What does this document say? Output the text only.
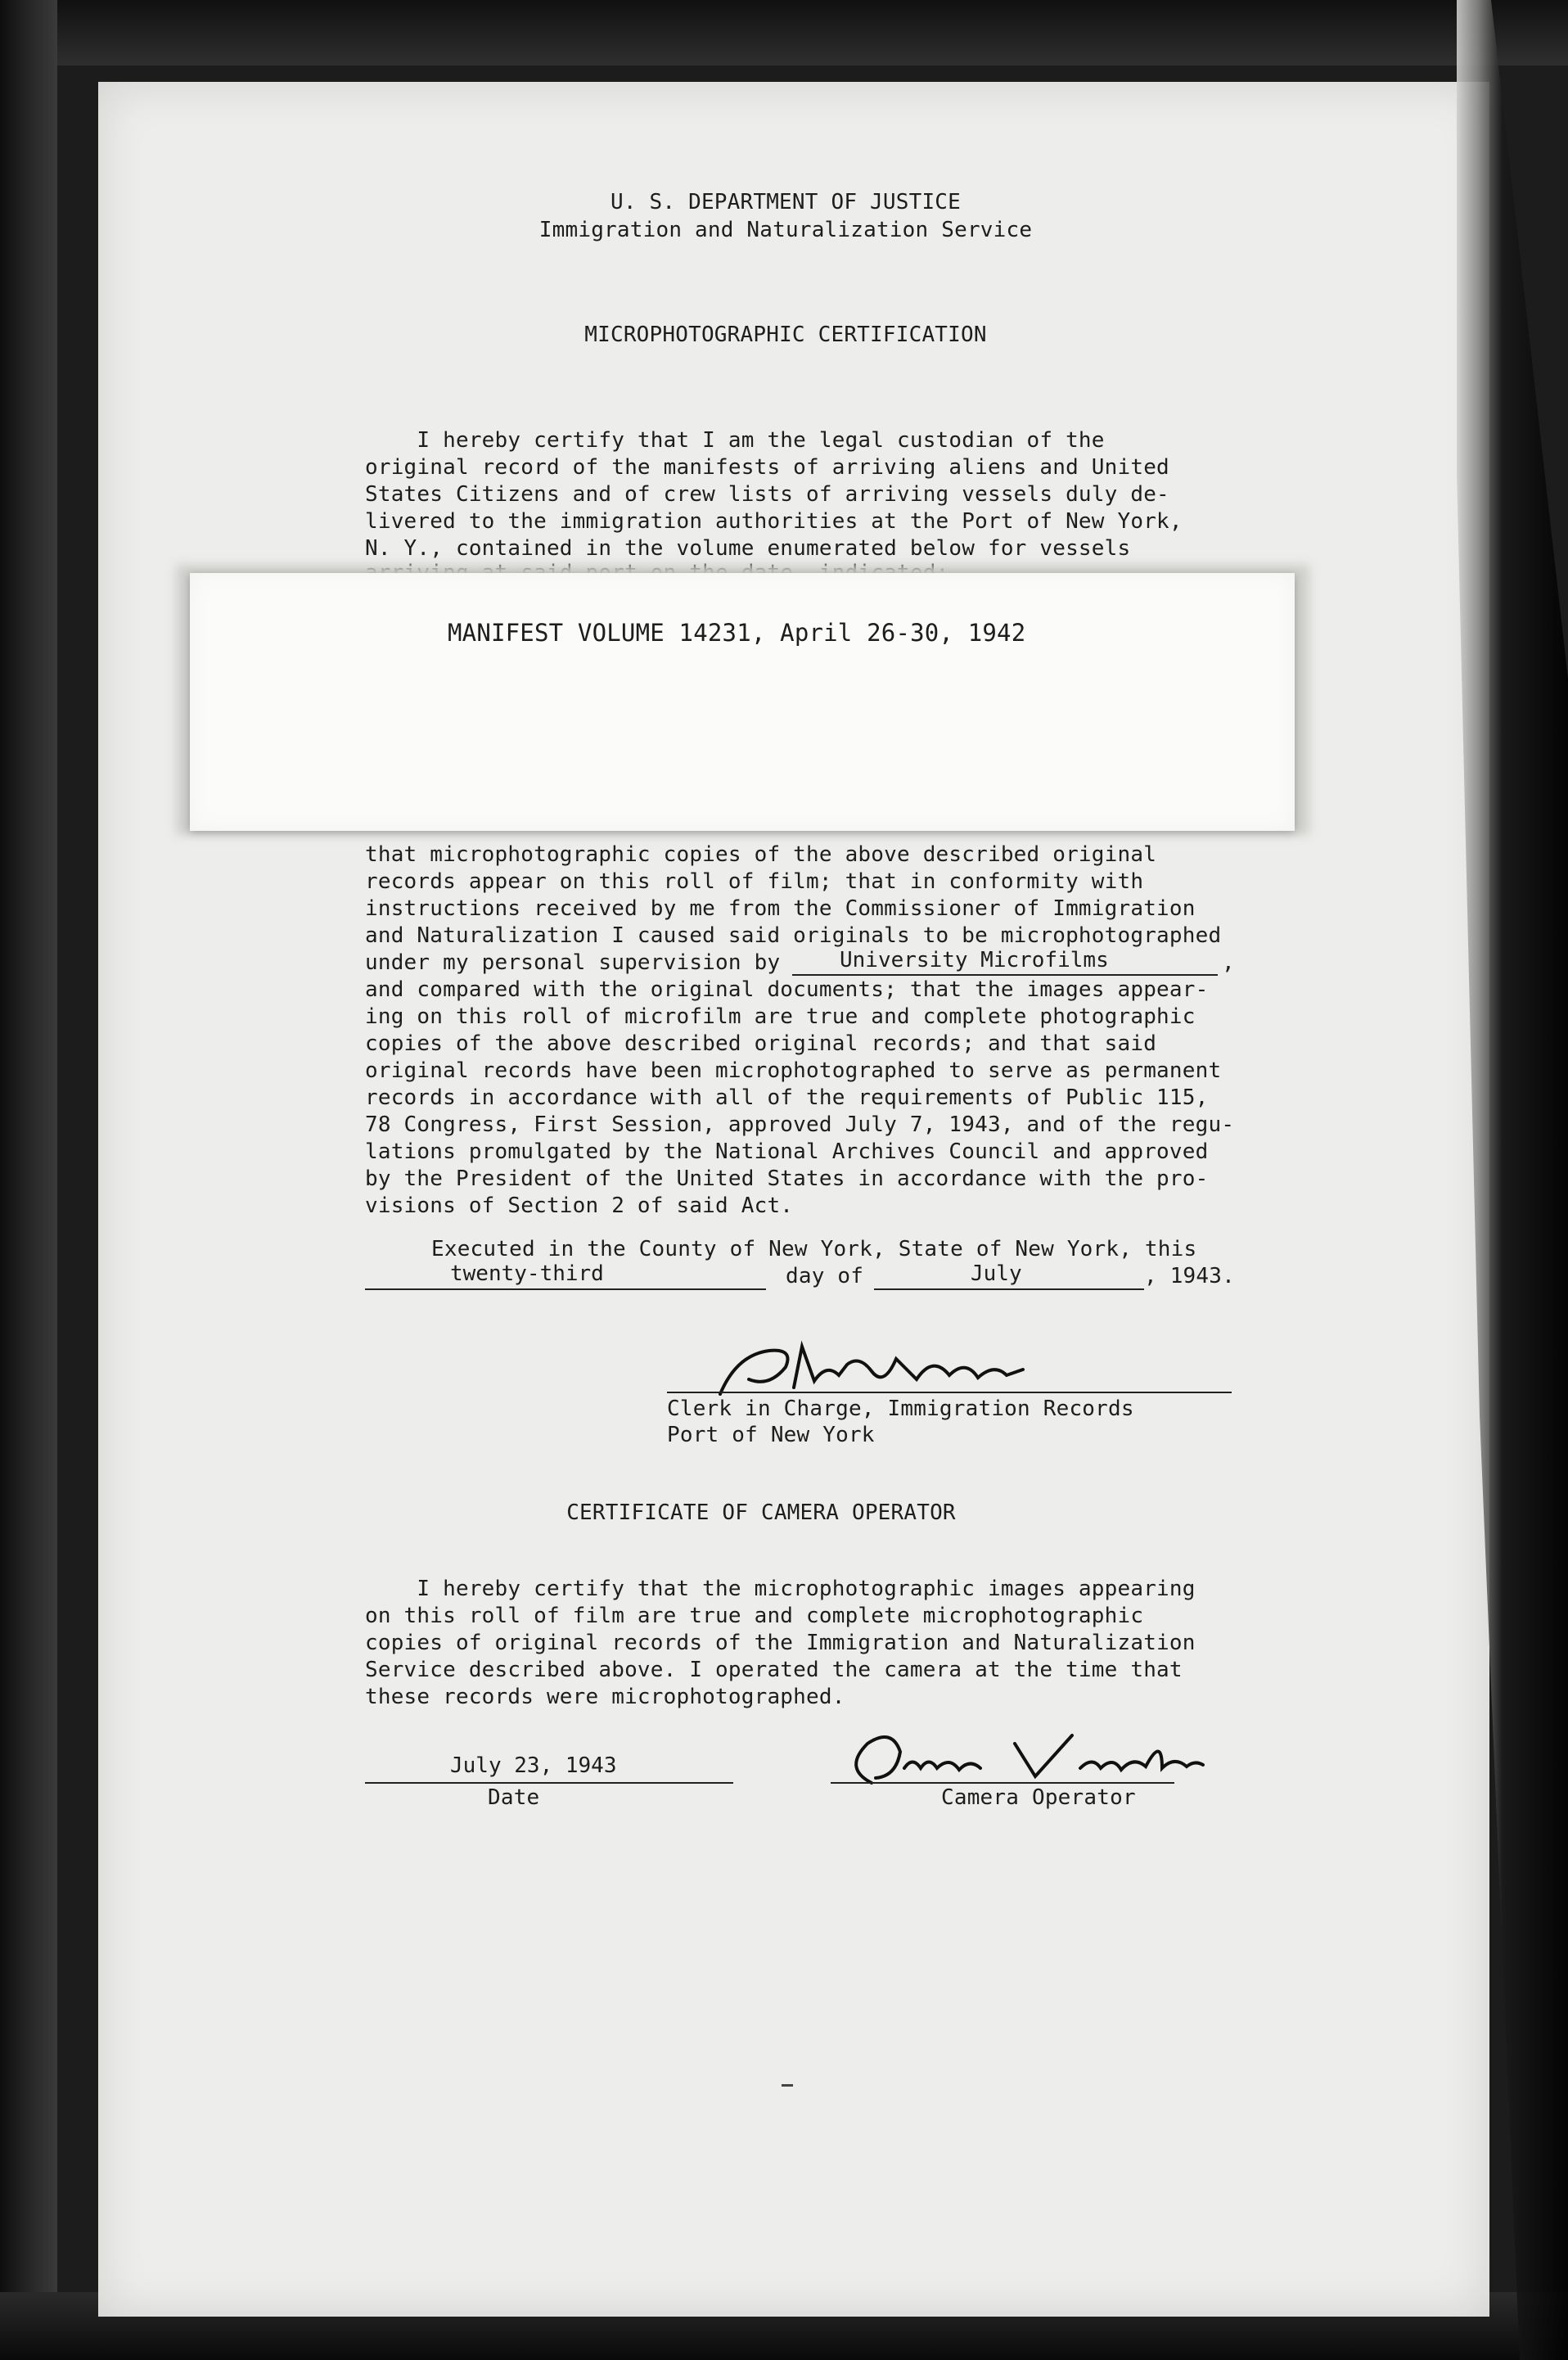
U. S. DEPARTMENT OF JUSTICE
Immigration and Naturalization Service
MICROPHOTOGRAPHIC CERTIFICATION
I hereby certify that I am the legal custodian of the
original record of the manifests of arriving aliens and United
States Citizens and of crew lists of arriving vessels duly de-
livered to the immigration authorities at the Port of New York,
N. Y., contained in the volume enumerated below for vessels
MANIFEST VOLUME 14231, April 26-30, 1942
that microphotographic copies of the above described original
records appear on this roll of film; that in conformity with
instructions received by me from the Commissioner of Immigration
and Naturalization I caused said originals to be microphotographed
under my personal supervision by	University Microfilms	,
and compared with the original documents; that the images appear-
ing on this roll of microfilm are true and complete photographic
copies of the above described original records; and that said
original records have been microphotographed to serve as permanent
records in accordance with all of the requirements of Public 115,
78 Congress, First Session, approved July 7, 1943, and of the regu-
lations promulgated by the National Archives Council and approved
by the President of the United States in accordance with the pro-
visions of Section 2 of said Act.
Executed in the County of New York, State of New York, this
twenty-third	day of	July	, 1943.
Clerk in Charge, Immigration Records
Port of New York
CERTIFICATE OF CAMERA OPERATOR
I hereby certify that the microphotographic images appearing
on this roll of film are true and complete microphotographic
copies of original records of the Immigration and Naturalization
Service described above. I operated the camera at the time that
these records were microphotographed.
July 23, 1943
Date	Camera Operator
